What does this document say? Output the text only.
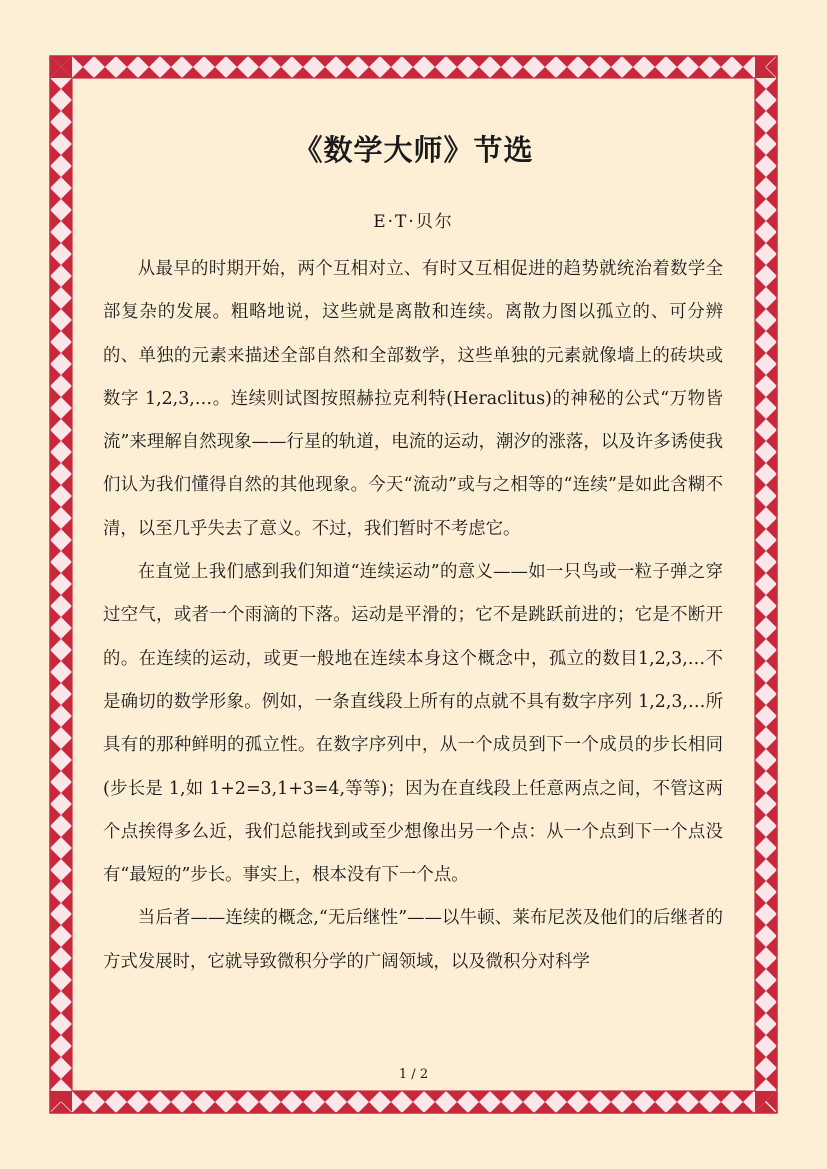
《数学大师》节选
E·T·贝尔

从最早的时期开始，两个互相对立、有时又互相促进的趋势就统治着数学全部复杂的发展。粗略地说，这些就是离散和连续。离散力图以孤立的、可分辨的、单独的元素来描述全部自然和全部数学，这些单独的元素就像墙上的砖块或数字 1,2,3,…。连续则试图按照赫拉克利特(Heraclitus)的神秘的公式“万物皆流”来理解自然现象——行星的轨道，电流的运动，潮汐的涨落，以及许多诱使我们认为我们懂得自然的其他现象。今天“流动”或与之相等的“连续”是如此含糊不清，以至几乎失去了意义。不过，我们暂时不考虑它。

在直觉上我们感到我们知道“连续运动”的意义——如一只鸟或一粒子弹之穿过空气，或者一个雨滴的下落。运动是平滑的；它不是跳跃前进的；它是不断开的。在连续的运动，或更一般地在连续本身这个概念中，孤立的数目1,2,3,…不是确切的数学形象。例如，一条直线段上所有的点就不具有数字序列 1,2,3,…所具有的那种鲜明的孤立性。在数字序列中，从一个成员到下一个成员的步长相同(步长是 1,如 1+2=3,1+3=4,等等)；因为在直线段上任意两点之间，不管这两个点挨得多么近，我们总能找到或至少想像出另一个点：从一个点到下一个点没有“最短的”步长。事实上，根本没有下一个点。

当后者——连续的概念,“无后继性”——以牛顿、莱布尼茨及他们的后继者的方式发展时，它就导致微积分学的广阔领域，以及微积分对科学

1 / 2
